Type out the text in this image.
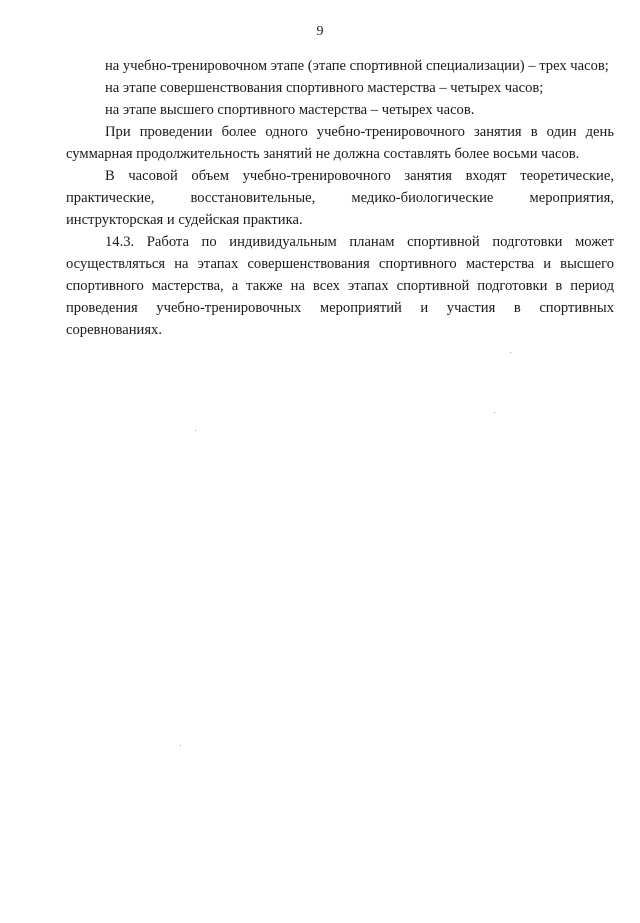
9

на учебно-тренировочном этапе (этапе спортивной специализации) – трех часов;

на этапе совершенствования спортивного мастерства – четырех часов;

на этапе высшего спортивного мастерства – четырех часов.

При проведении более одного учебно-тренировочного занятия в один день суммарная продолжительность занятий не должна составлять более восьми часов.

В часовой объем учебно-тренировочного занятия входят теоретические, практические, восстановительные, медико-биологические мероприятия, инструкторская и судейская практика.

14.3. Работа по индивидуальным планам спортивной подготовки может осуществляться на этапах совершенствования спортивного мастерства и высшего спортивного мастерства, а также на всех этапах спортивной подготовки в период проведения учебно-тренировочных мероприятий и участия в спортивных соревнованиях.
